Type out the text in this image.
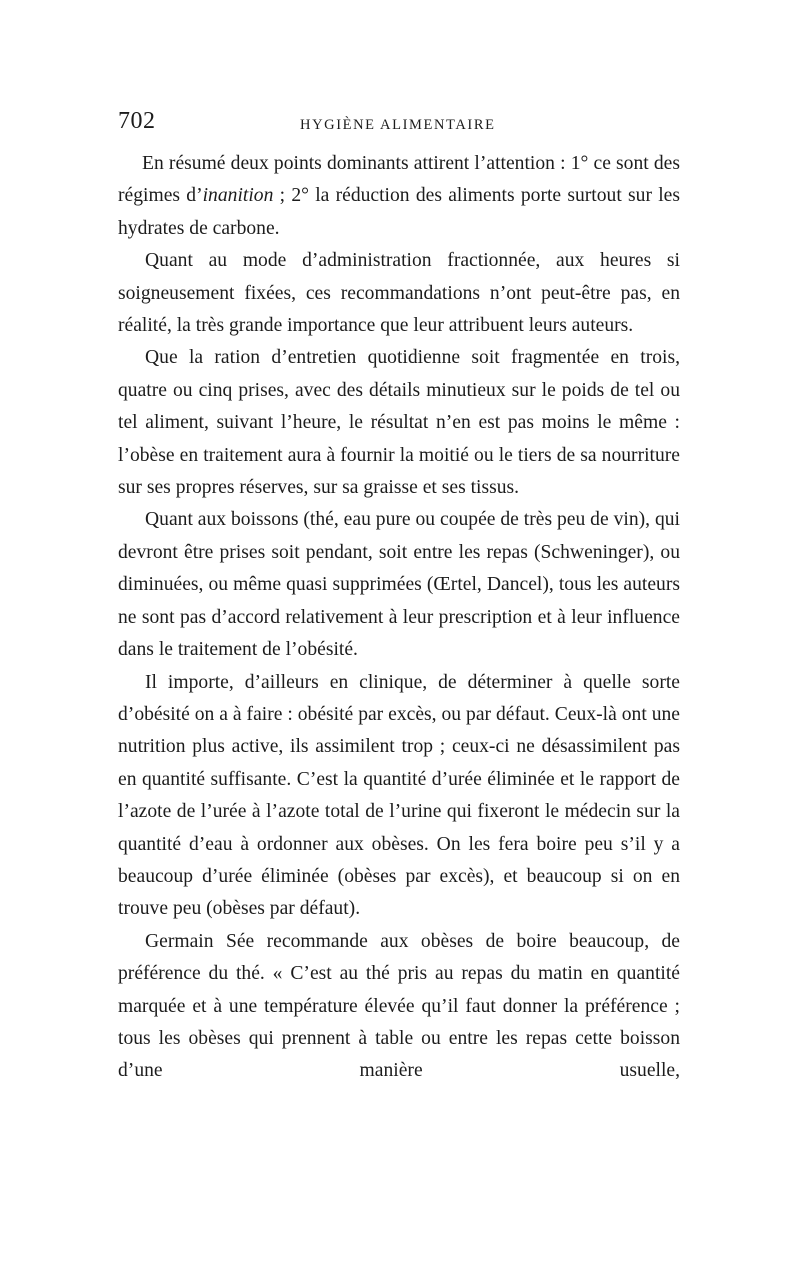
702	HYGIÈNE ALIMENTAIRE

En résumé deux points dominants attirent l’attention : 1° ce sont des régimes d’inanition ; 2° la réduction des aliments porte surtout sur les hydrates de carbone.

Quant au mode d’administration fractionnée, aux heures si soigneusement fixées, ces recommandations n’ont peut-être pas, en réalité, la très grande importance que leur attribuent leurs auteurs.

Que la ration d’entretien quotidienne soit fragmentée en trois, quatre ou cinq prises, avec des détails minutieux sur le poids de tel ou tel aliment, suivant l’heure, le résultat n’en est pas moins le même : l’obèse en traitement aura à fournir la moitié ou le tiers de sa nourriture sur ses propres réserves, sur sa graisse et ses tissus.

Quant aux boissons (thé, eau pure ou coupée de très peu de vin), qui devront être prises soit pendant, soit entre les repas (Schweninger), ou diminuées, ou même quasi supprimées (Œrtel, Dancel), tous les auteurs ne sont pas d’accord relativement à leur prescription et à leur influence dans le traitement de l’obésité.

Il importe, d’ailleurs en clinique, de déterminer à quelle sorte d’obésité on a à faire : obésité par excès, ou par défaut. Ceux-là ont une nutrition plus active, ils assimilent trop ; ceux-ci ne désassimilent pas en quantité suffisante. C’est la quantité d’urée éliminée et le rapport de l’azote de l’urée à l’azote total de l’urine qui fixeront le médecin sur la quantité d’eau à ordonner aux obèses. On les fera boire peu s’il y a beaucoup d’urée éliminée (obèses par excès), et beaucoup si on en trouve peu (obèses par défaut).

Germain Sée recommande aux obèses de boire beaucoup, de préférence du thé. « C’est au thé pris au repas du matin en quantité marquée et à une température élevée qu’il faut donner la préférence ; tous les obèses qui prennent à table ou entre les repas cette boisson d’une manière usuelle,
